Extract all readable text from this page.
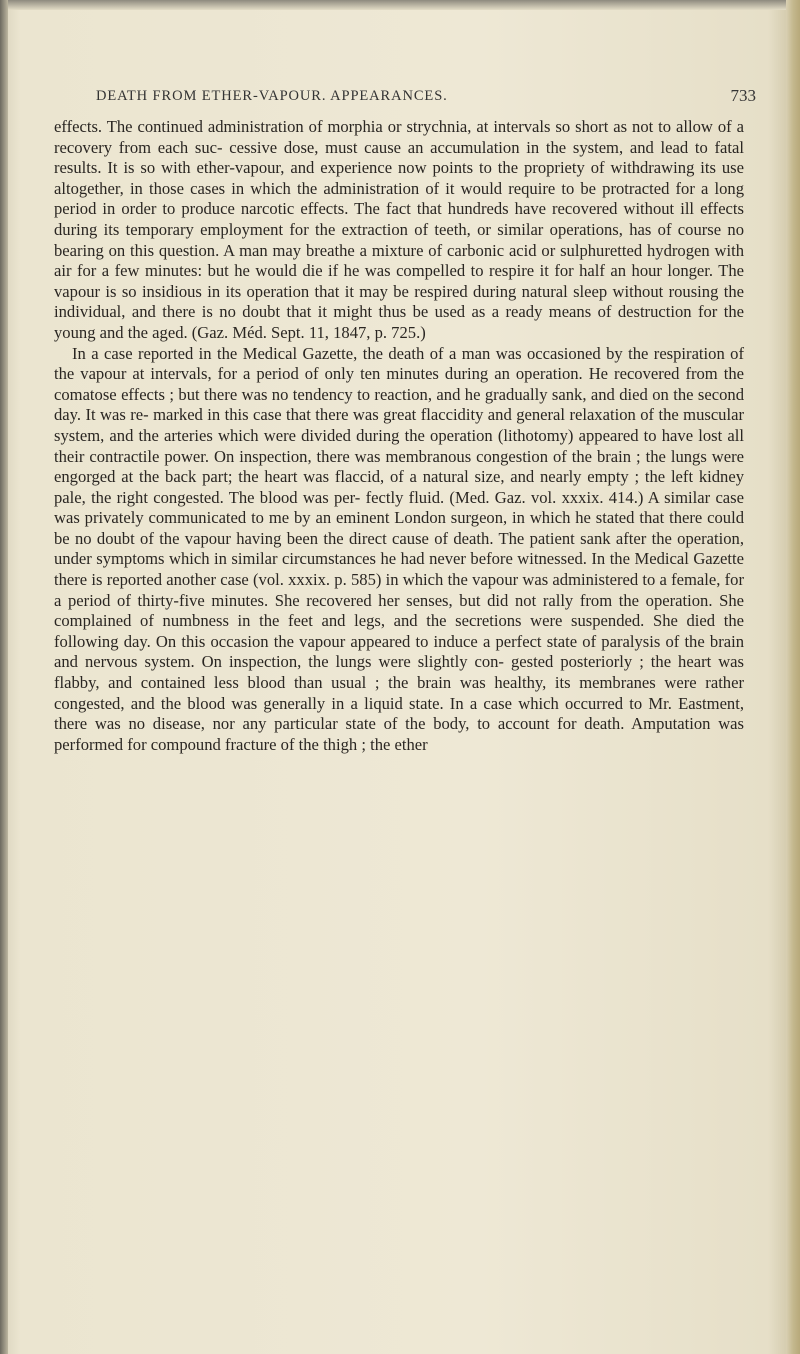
DEATH FROM ETHER-VAPOUR. APPEARANCES.	733

effects. The continued administration of morphia or strychnia, at intervals so short as not to allow of a recovery from each suc- cessive dose, must cause an accumulation in the system, and lead to fatal results. It is so with ether-vapour, and experience now points to the propriety of withdrawing its use altogether, in those cases in which the administration of it would require to be protracted for a long period in order to produce narcotic effects. The fact that hundreds have recovered without ill effects during its temporary employment for the extraction of teeth, or similar operations, has of course no bearing on this question. A man may breathe a mixture of carbonic acid or sulphuretted hydrogen with air for a few minutes: but he would die if he was compelled to respire it for half an hour longer. The vapour is so insidious in its operation that it may be respired during natural sleep without rousing the individual, and there is no doubt that it might thus be used as a ready means of destruction for the young and the aged. (Gaz. Méd. Sept. 11, 1847, p. 725.)

In a case reported in the Medical Gazette, the death of a man was occasioned by the respiration of the vapour at intervals, for a period of only ten minutes during an operation. He recovered from the comatose effects ; but there was no tendency to reaction, and he gradually sank, and died on the second day. It was re- marked in this case that there was great flaccidity and general relaxation of the muscular system, and the arteries which were divided during the operation (lithotomy) appeared to have lost all their contractile power. On inspection, there was membranous congestion of the brain ; the lungs were engorged at the back part; the heart was flaccid, of a natural size, and nearly empty ; the left kidney pale, the right congested. The blood was per- fectly fluid. (Med. Gaz. vol. xxxix. 414.) A similar case was privately communicated to me by an eminent London surgeon, in which he stated that there could be no doubt of the vapour having been the direct cause of death. The patient sank after the operation, under symptoms which in similar circumstances he had never before witnessed. In the Medical Gazette there is reported another case (vol. xxxix. p. 585) in which the vapour was administered to a female, for a period of thirty-five minutes. She recovered her senses, but did not rally from the operation. She complained of numbness in the feet and legs, and the secretions were suspended. She died the following day. On this occasion the vapour appeared to induce a perfect state of paralysis of the brain and nervous system. On inspection, the lungs were slightly con- gested posteriorly ; the heart was flabby, and contained less blood than usual ; the brain was healthy, its membranes were rather congested, and the blood was generally in a liquid state. In a case which occurred to Mr. Eastment, there was no disease, nor any particular state of the body, to account for death. Amputation was performed for compound fracture of the thigh ; the ether
